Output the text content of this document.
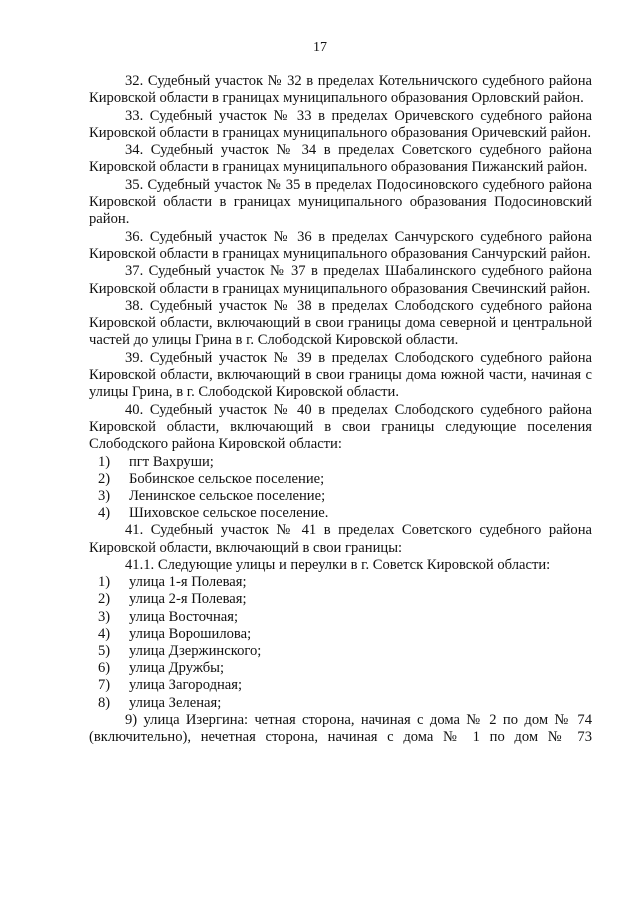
17

32. Судебный участок № 32 в пределах Котельничского судебного района Кировской области в границах муниципального образования Орловский район.

33. Судебный участок № 33 в пределах Оричевского судебного района Кировской области в границах муниципального образования Оричевский район.

34. Судебный участок № 34 в пределах Советского судебного района Кировской области в границах муниципального образования Пижанский район.

35. Судебный участок № 35 в пределах Подосиновского судебного района Кировской области в границах муниципального образования Подосиновский район.

36. Судебный участок № 36 в пределах Санчурского судебного района Кировской области в границах муниципального образования Санчурский район.

37. Судебный участок № 37 в пределах Шабалинского судебного района Кировской области в границах муниципального образования Свечинский район.

38. Судебный участок № 38 в пределах Слободского судебного района Кировской области, включающий в свои границы дома северной и центральной частей до улицы Грина в г. Слободской Кировской области.

39. Судебный участок № 39 в пределах Слободского судебного района Кировской области, включающий в свои границы дома южной части, начиная с улицы Грина, в г. Слободской Кировской области.

40. Судебный участок № 40 в пределах Слободского судебного района Кировской области, включающий в свои границы следующие поселения Слободского района Кировской области:

1) пгт Вахруши;

2) Бобинское сельское поселение;

3) Ленинское сельское поселение;

4) Шиховское сельское поселение.

41. Судебный участок № 41 в пределах Советского судебного района Кировской области, включающий в свои границы:

41.1. Следующие улицы и переулки в г. Советск Кировской области:

1) улица 1-я Полевая;

2) улица 2-я Полевая;

3) улица Восточная;

4) улица Ворошилова;

5) улица Дзержинского;

6) улица Дружбы;

7) улица Загородная;

8) улица Зеленая;

9) улица Изергина: четная сторона, начиная с дома № 2 по дом № 74 (включительно), нечетная сторона, начиная с дома № 1 по дом № 73
